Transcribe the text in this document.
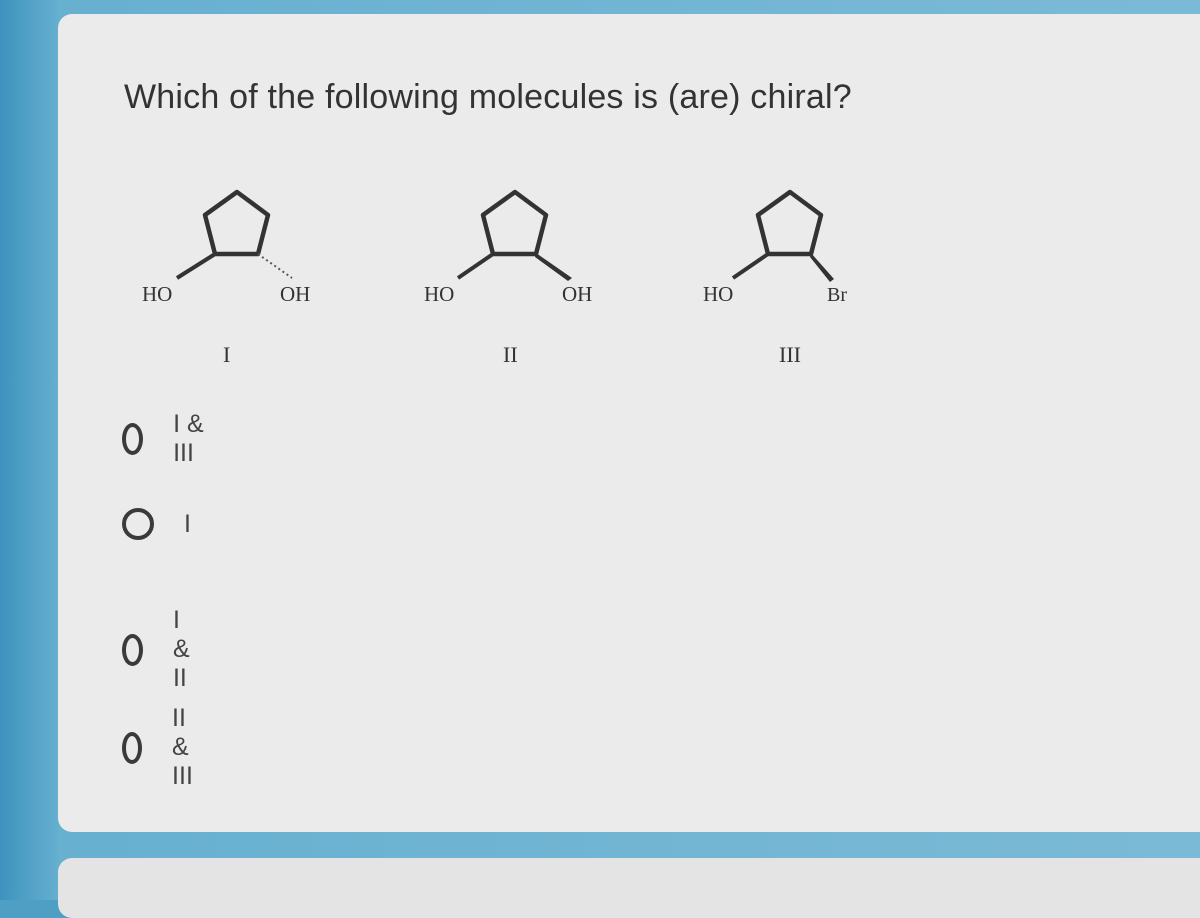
Which of the following molecules is (are) chiral?
HO	OH
I
HO	OH
II
HO	Br
III
I & III
I
I & II
II & III
